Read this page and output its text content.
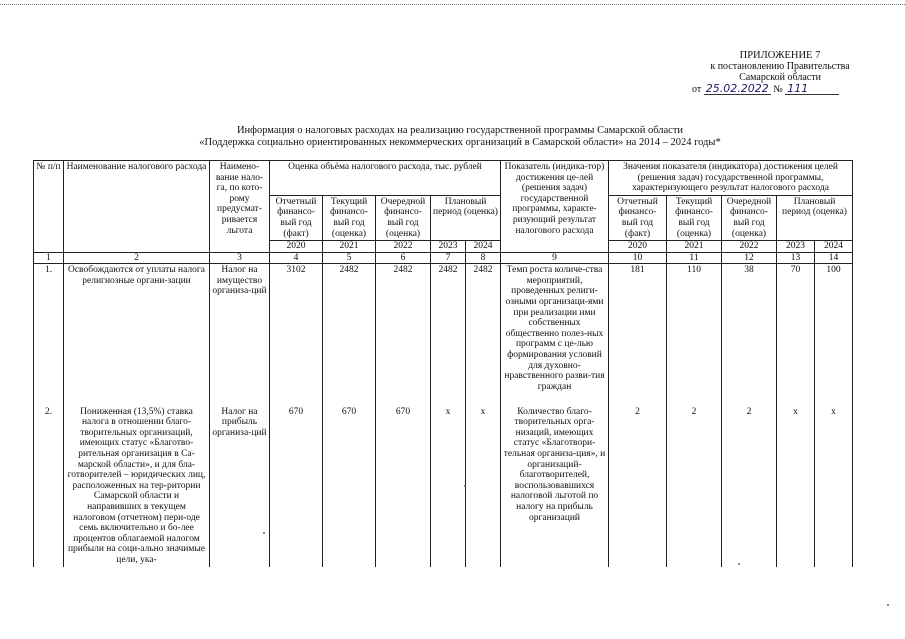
ПРИЛОЖЕНИЕ 7
к постановлению Правительства
Самарской области
от 25.02.2022 № 111
Информация о налоговых расходах на реализацию государственной программы Самарской области
«Поддержка социально ориентированных некоммерческих организаций в Самарской области» на 2014 – 2024 годы*
№ п/п	Наименование налогового расхода	Наимено-вание нало-га, по кото-рому предусмат-ривается льгота	Оценка объёма налогового расхода, тыс. рублей					Показатель (индика-тор) достижения це-лей (решения задач) государственной программы, характе-ризующий результат налогового расхода	Значения показателя (индикатора) достижения целей (решения задач) государственной программы, характеризующего результат налогового расхода				
			Отчетный финансо-вый год (факт)	Текущий финансо-вый год (оценка)	Очередной финансо-вый год (оценка)	Плановый период (оценка)			Отчетный финансо-вый год (факт)	Текущий финансо-вый год (оценка)	Очередной финансо-вый год (оценка)	Плановый период (оценка)	
			2020	2021	2022	2023	2024		2020	2021	2022	2023	2024
1	2	3	4	5	6	7	8	9	10	11	12	13	14
1.	Освобождаются от уплаты налога религиозные органи-зации	Налог на имущество организа-ций	3102	2482	2482	2482	2482	Темп роста количе-ства мероприятий, проведенных религи-озными организаци-ями при реализации ими собственных общественно полез-ных программ с це-лью формирования условий для духовно-нравственного разви-тия граждан	181	110	38	70	100
2.	Пониженная (13,5%) ставка налога в отношении благо-творительных организаций, имеющих статус «Благотво-рительная организация в Са-марской области», и для бла-готворителей – юридических лиц, расположенных на тер-ритории Самарской области и направивших в текущем налоговом (отчетном) пери-оде семь включительно и бо-лее процентов облагаемой налогом прибыли на соци-ально значимые цели, ука-	Налог на прибыль организа-ций	670	670	670	x	x	Количество благо-творительных орга-низаций, имеющих статус «Благотвори-тельная организа-ция», и организаций-благотворителей, воспользовавшихся налоговой льготой по налогу на прибыль организаций	2	2	2	x	x
